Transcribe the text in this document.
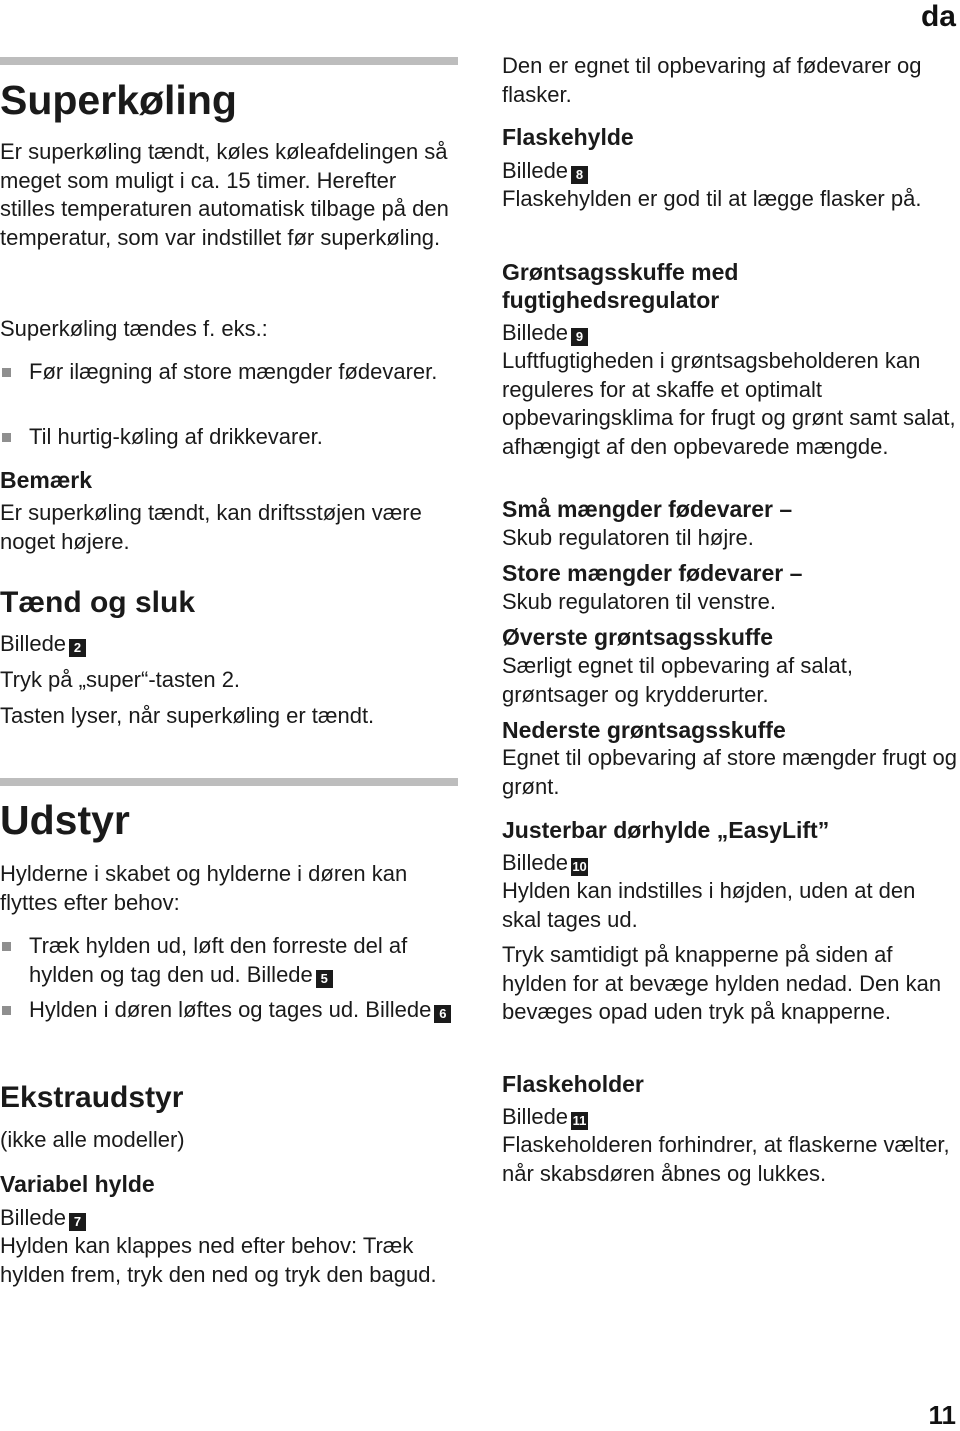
da
11
Superkøling

Er superkøling tændt, køles køleafdelingen så meget som muligt i ca. 15 timer. Herefter stilles temperaturen automatisk tilbage på den temperatur, som var indstillet før superkøling.

Superkøling tændes f. eks.:

Før ilægning af store mængder fødevarer.
Til hurtig-køling af drikkevarer.
Bemærk

Er superkøling tændt, kan driftsstøjen være noget højere.

Tænd og sluk
Billede 2

Tryk på „super“-tasten 2.

Tasten lyser, når superkøling er tændt.

Udstyr

Hylderne i skabet og hylderne i døren kan flyttes efter behov:

Træk hylden ud, løft den forreste del af hylden og tag den ud. Billede 5
Hylden i døren løftes og tages ud. Billede 6
Ekstraudstyr

(ikke alle modeller)

Variabel hylde
Billede 7

Hylden kan klappes ned efter behov: Træk hylden frem, tryk den ned og tryk den bagud.

Den er egnet til opbevaring af fødevarer og flasker.

Flaskehylde
Billede 8

Flaskehylden er god til at lægge flasker på.

Grøntsagsskuffe med fugtighedsregulator
Billede 9

Luftfugtigheden i grøntsagsbeholderen kan reguleres for at skaffe et optimalt opbevaringsklima for frugt og grønt samt salat, afhængigt af den opbevarede mængde.

Små mængder fødevarer –

Skub regulatoren til højre.

Store mængder fødevarer –

Skub regulatoren til venstre.

Øverste grøntsagsskuffe

Særligt egnet til opbevaring af salat, grøntsager og krydderurter.

Nederste grøntsagsskuffe

Egnet til opbevaring af store mængder frugt og grønt.

Justerbar dørhylde „EasyLift”
Billede 10

Hylden kan indstilles i højden, uden at den skal tages ud.

Tryk samtidigt på knapperne på siden af hylden for at bevæge hylden nedad. Den kan bevæges opad uden tryk på knapperne.

Flaskeholder
Billede 11

Flaskeholderen forhindrer, at flaskerne vælter, når skabsdøren åbnes og lukkes.
